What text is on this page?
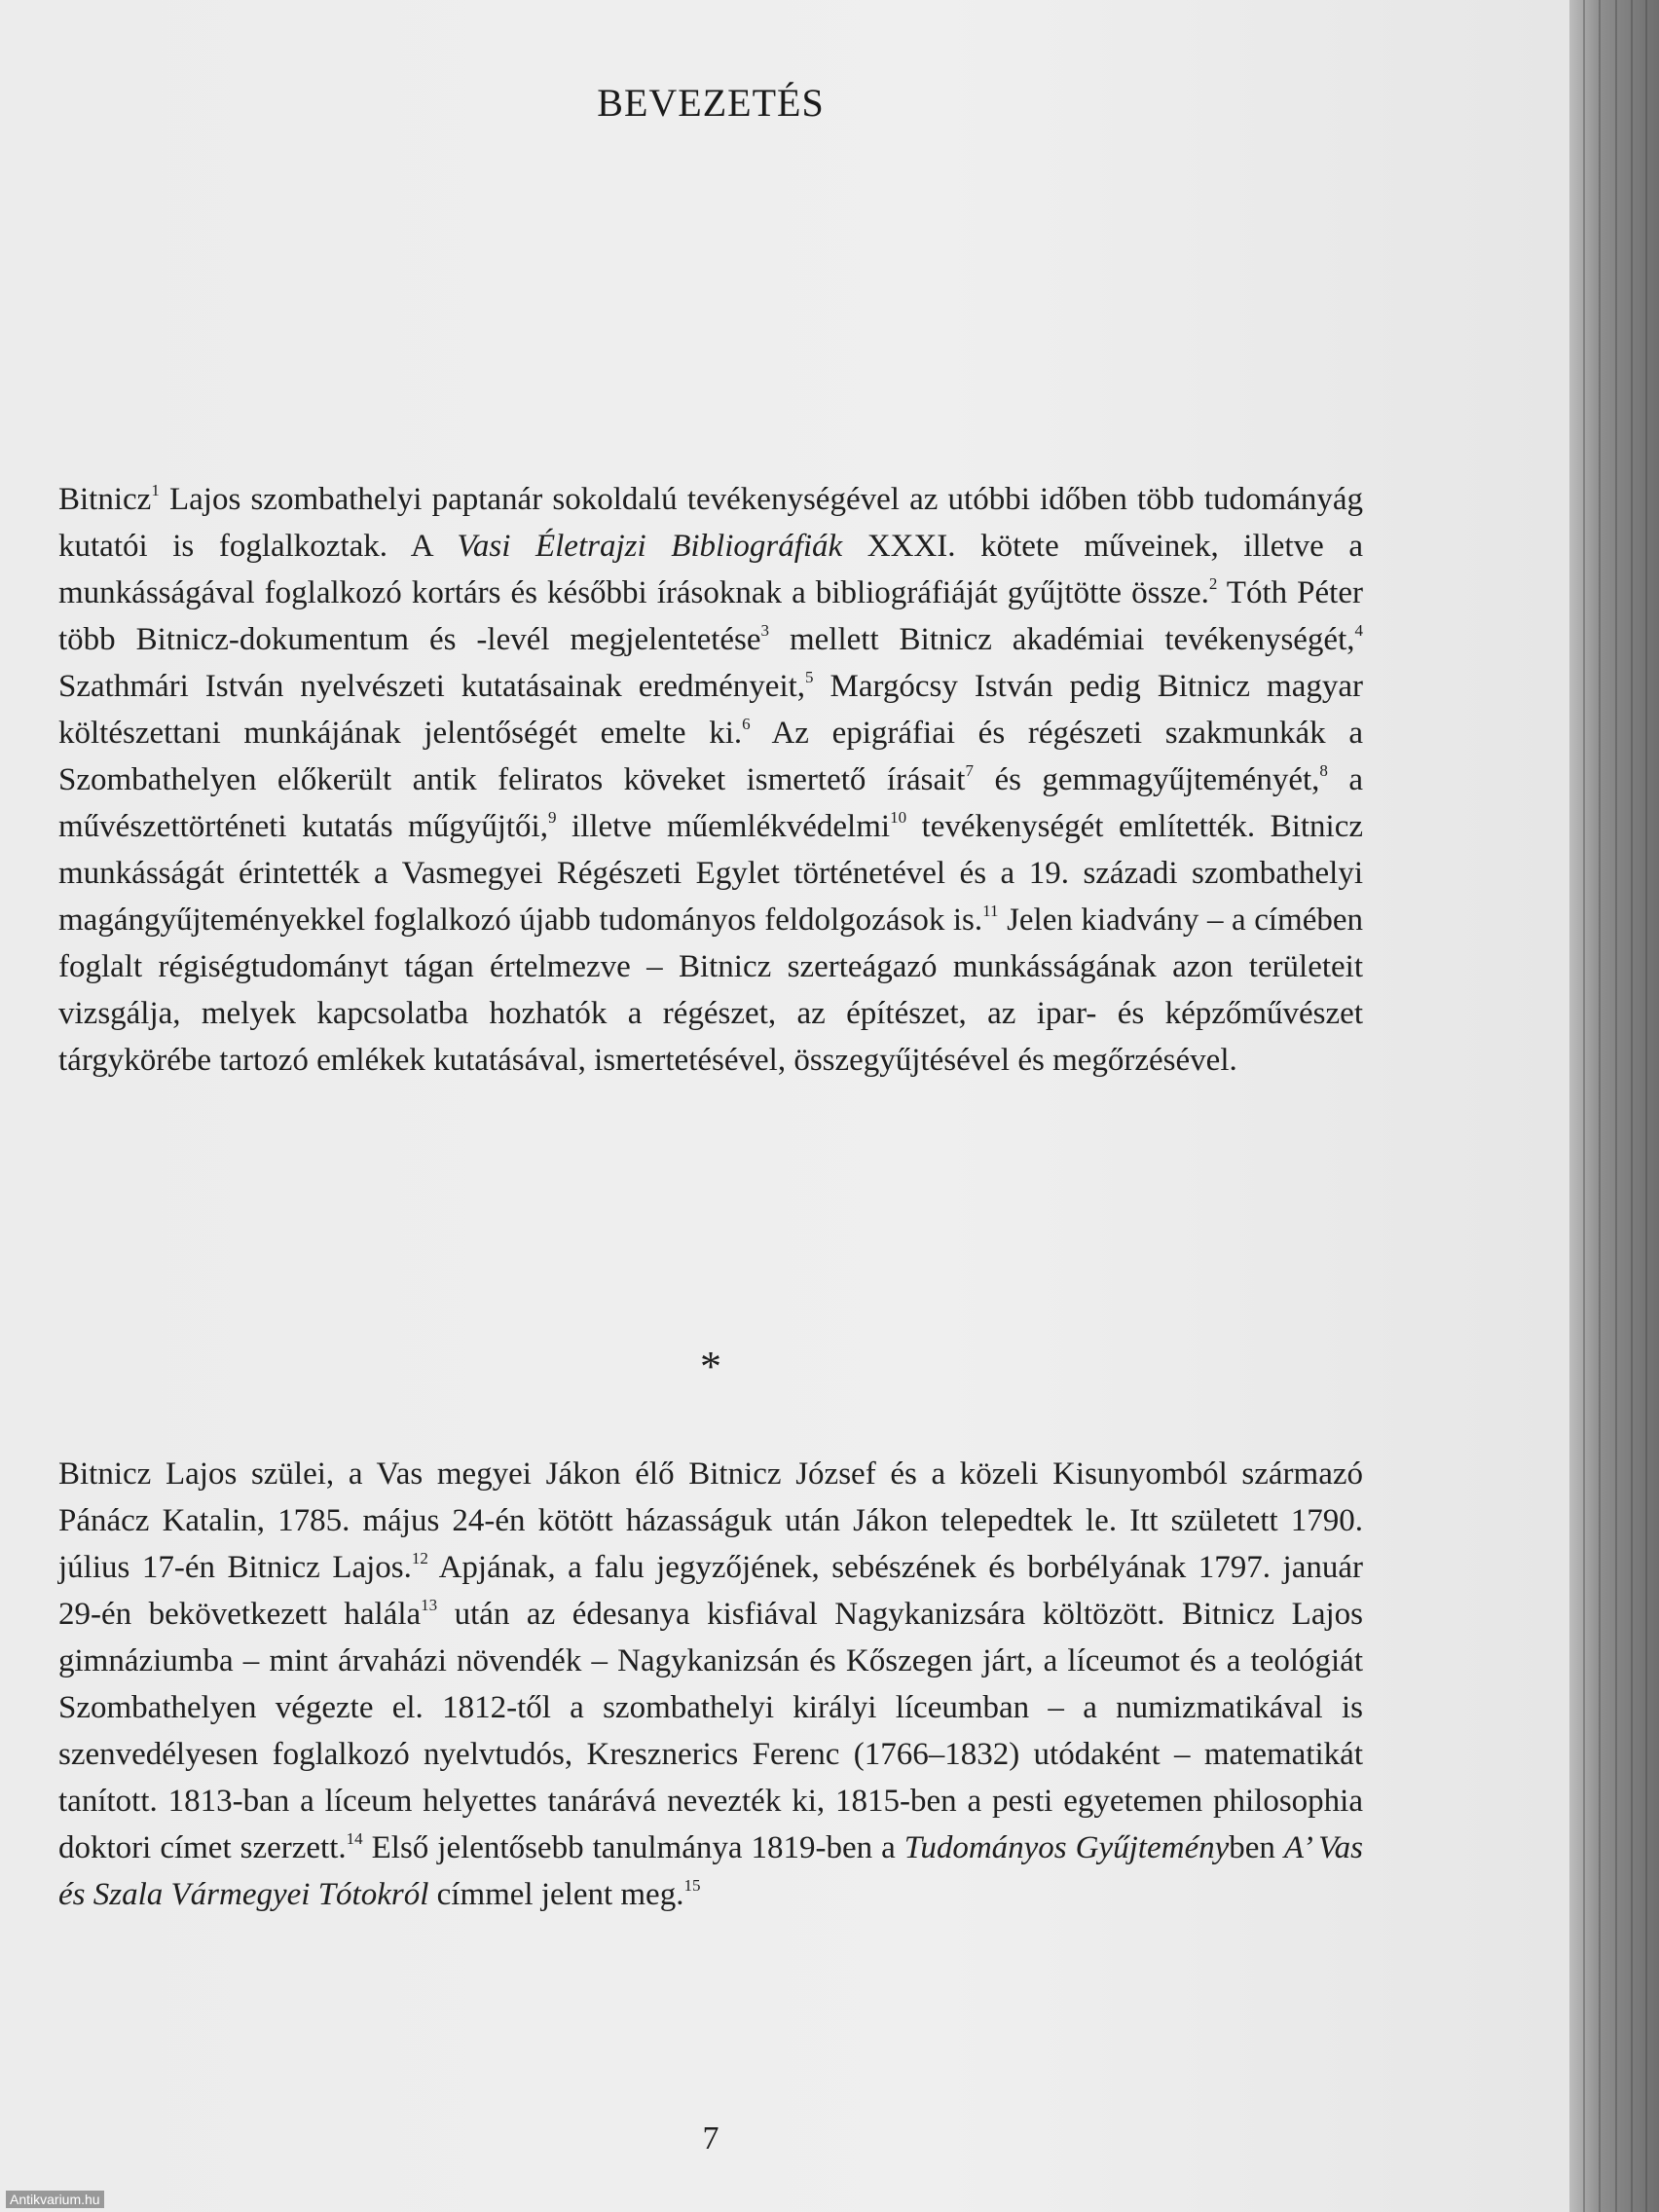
BEVEZETÉS
Bitnicz$^1$ Lajos szombathelyi paptanár sokoldalú tevékenységével az utóbbi időben több tudományág kutatói is foglalkoztak. A Vasi Életrajzi Bibliográfiák XXXI. kötete műveinek, illetve a munkásságával foglalkozó kortárs és későbbi írásoknak a bibliográfiáját gyűjtötte össze.$^2$ Tóth Péter több Bitnicz-dokumentum és -levél megjelentetése$^3$ mellett Bitnicz akadémiai tevékenységét,$^4$ Szathmári István nyelvészeti kutatásainak eredményeit,$^5$ Margócsy István pedig Bitnicz magyar költészettani munkájának jelentőségét emelte ki.$^6$ Az epigráfiai és régészeti szakmunkák a Szombathelyen előkerült antik feliratos köveket ismertető írásait$^7$ és gemmagyűjteményét,$^8$ a művészettörténeti kutatás műgyűjtői,$^9$ illetve műemlékvédelmi$^{10}$ tevékenységét említették. Bitnicz munkásságát érintették a Vasmegyei Régészeti Egylet történetével és a 19. századi szombathelyi magángyűjteményekkel foglalkozó újabb tudományos feldolgozások is.$^{11}$ Jelen kiadvány – a címében foglalt régiségtudományt tágan értelmezve – Bitnicz szerteágazó munkásságának azon területeit vizsgálja, melyek kapcsolatba hozhatók a régészet, az építészet, az ipar- és képzőművészet tárgykörébe tartozó emlékek kutatásával, ismertetésével, összegyűjtésével és megőrzésével.
*
Bitnicz Lajos szülei, a Vas megyei Jákon élő Bitnicz József és a közeli Kisunyomból származó Pánácz Katalin, 1785. május 24-én kötött házasságuk után Jákon telepedtek le. Itt született 1790. július 17-én Bitnicz Lajos.$^{12}$ Apjának, a falu jegyzőjének, sebészének és borbélyának 1797. január 29-én bekövetkezett halála$^{13}$ után az édesanya kisfiával Nagykanizsára költözött. Bitnicz Lajos gimnáziumba – mint árvaházi növendék – Nagykanizsán és Kőszegen járt, a líceumot és a teológiát Szombathelyen végezte el. 1812-től a szombathelyi királyi líceumban – a numizmatikával is szenvedélyesen foglalkozó nyelvtudós, Kresznerics Ferenc (1766–1832) utódaként – matematikát tanított. 1813-ban a líceum helyettes tanárává nevezték ki, 1815-ben a pesti egyetemen philosophia doktori címet szerzett.$^{14}$ Első jelentősebb tanulmánya 1819-ben a Tudományos Gyűjteményben A’ Vas és Szala Vármegyei Tótokról címmel jelent meg.$^{15}$
7
Antikvarium.hu
